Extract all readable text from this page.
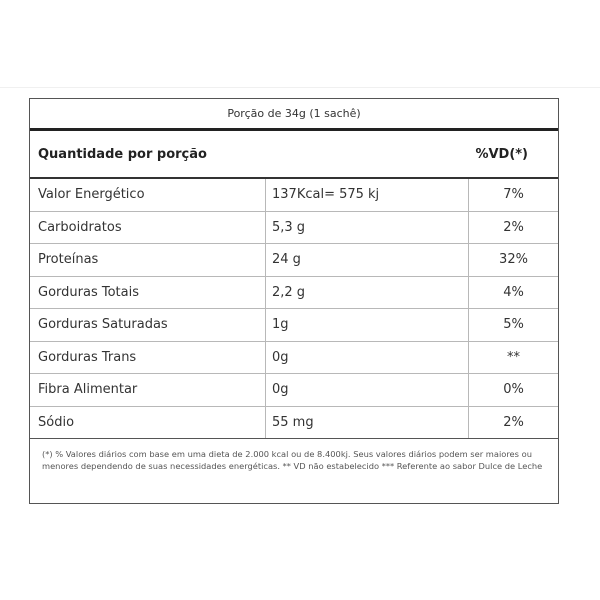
Porção de 34g (1 sachê)
Quantidade por porção	%VD(*)
Valor Energético	137Kcal= 575 kj	7%
Carboidratos	5,3 g	2%
Proteínas	24 g	32%
Gorduras Totais	2,2 g	4%
Gorduras Saturadas	1g	5%
Gorduras Trans	0g	**
Fibra Alimentar	0g	0%
Sódio	55 mg	2%
(*) % Valores diários com base em uma dieta de 2.000 kcal ou de 8.400kj. Seus valores diários podem ser maiores ou menores dependendo de suas necessidades energéticas. ** VD não estabelecido *** Referente ao sabor Dulce de Leche
